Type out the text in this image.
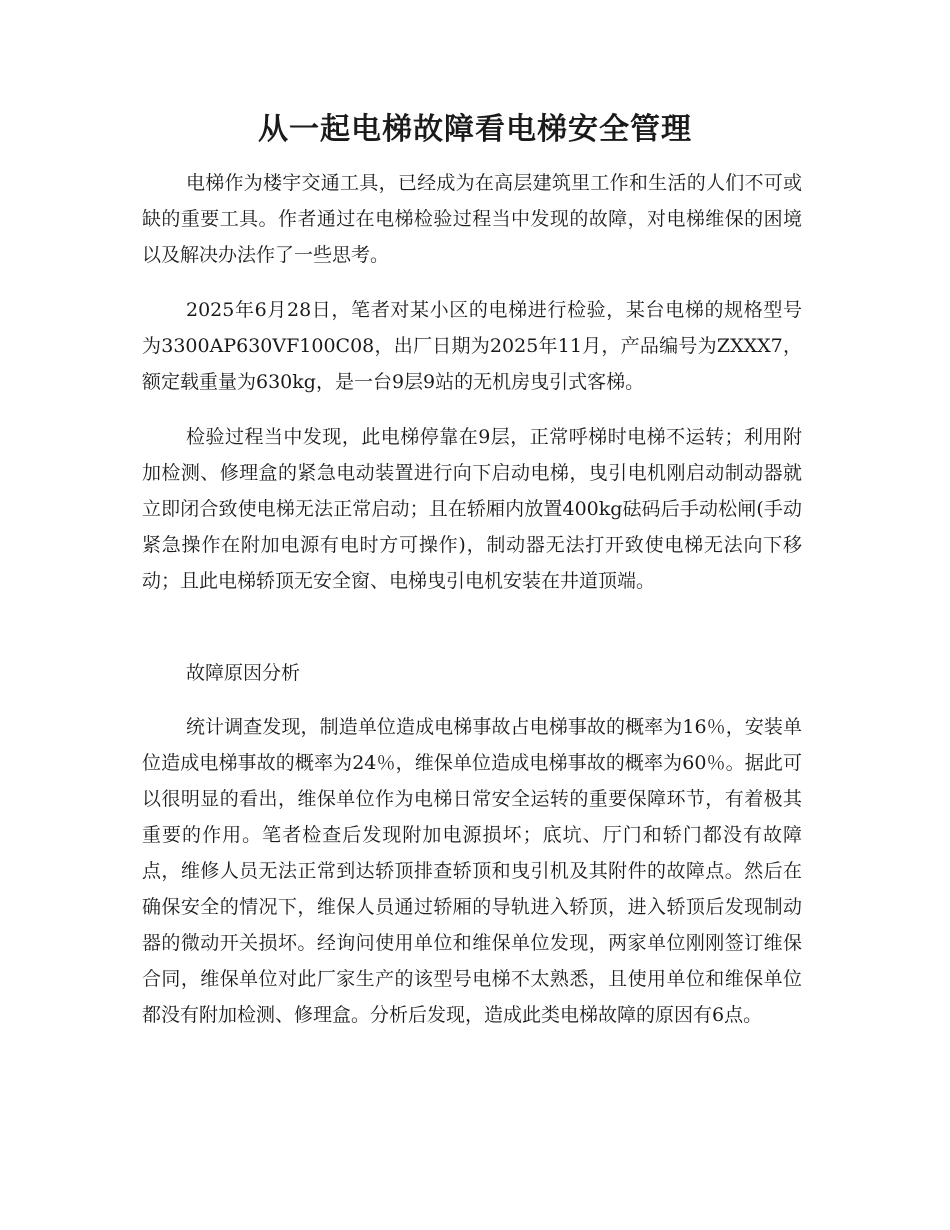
从一起电梯故障看电梯安全管理

电梯作为楼宇交通工具，已经成为在高层建筑里工作和生活的人们不可或缺的重要工具。作者通过在电梯检验过程当中发现的故障，对电梯维保的困境以及解决办法作了一些思考。

2025年6月28日，笔者对某小区的电梯进行检验，某台电梯的规格型号为3300AP630VF100C08，出厂日期为2025年11月，产品编号为ZXXX7，额定载重量为630kg，是一台9层9站的无机房曳引式客梯。

检验过程当中发现，此电梯停靠在9层，正常呼梯时电梯不运转；利用附加检测、修理盒的紧急电动装置进行向下启动电梯，曳引电机刚启动制动器就立即闭合致使电梯无法正常启动；且在轿厢内放置400kg砝码后手动松闸(手动紧急操作在附加电源有电时方可操作)，制动器无法打开致使电梯无法向下移动；且此电梯轿顶无安全窗、电梯曳引电机安装在井道顶端。

故障原因分析

统计调查发现，制造单位造成电梯事故占电梯事故的概率为16％，安装单位造成电梯事故的概率为24％，维保单位造成电梯事故的概率为60％。据此可以很明显的看出，维保单位作为电梯日常安全运转的重要保障环节，有着极其重要的作用。笔者检查后发现附加电源损坏；底坑、厅门和轿门都没有故障点，维修人员无法正常到达轿顶排查轿顶和曳引机及其附件的故障点。然后在确保安全的情况下，维保人员通过轿厢的导轨进入轿顶，进入轿顶后发现制动器的微动开关损坏。经询问使用单位和维保单位发现，两家单位刚刚签订维保合同，维保单位对此厂家生产的该型号电梯不太熟悉，且使用单位和维保单位都没有附加检测、修理盒。分析后发现，造成此类电梯故障的原因有6点。
